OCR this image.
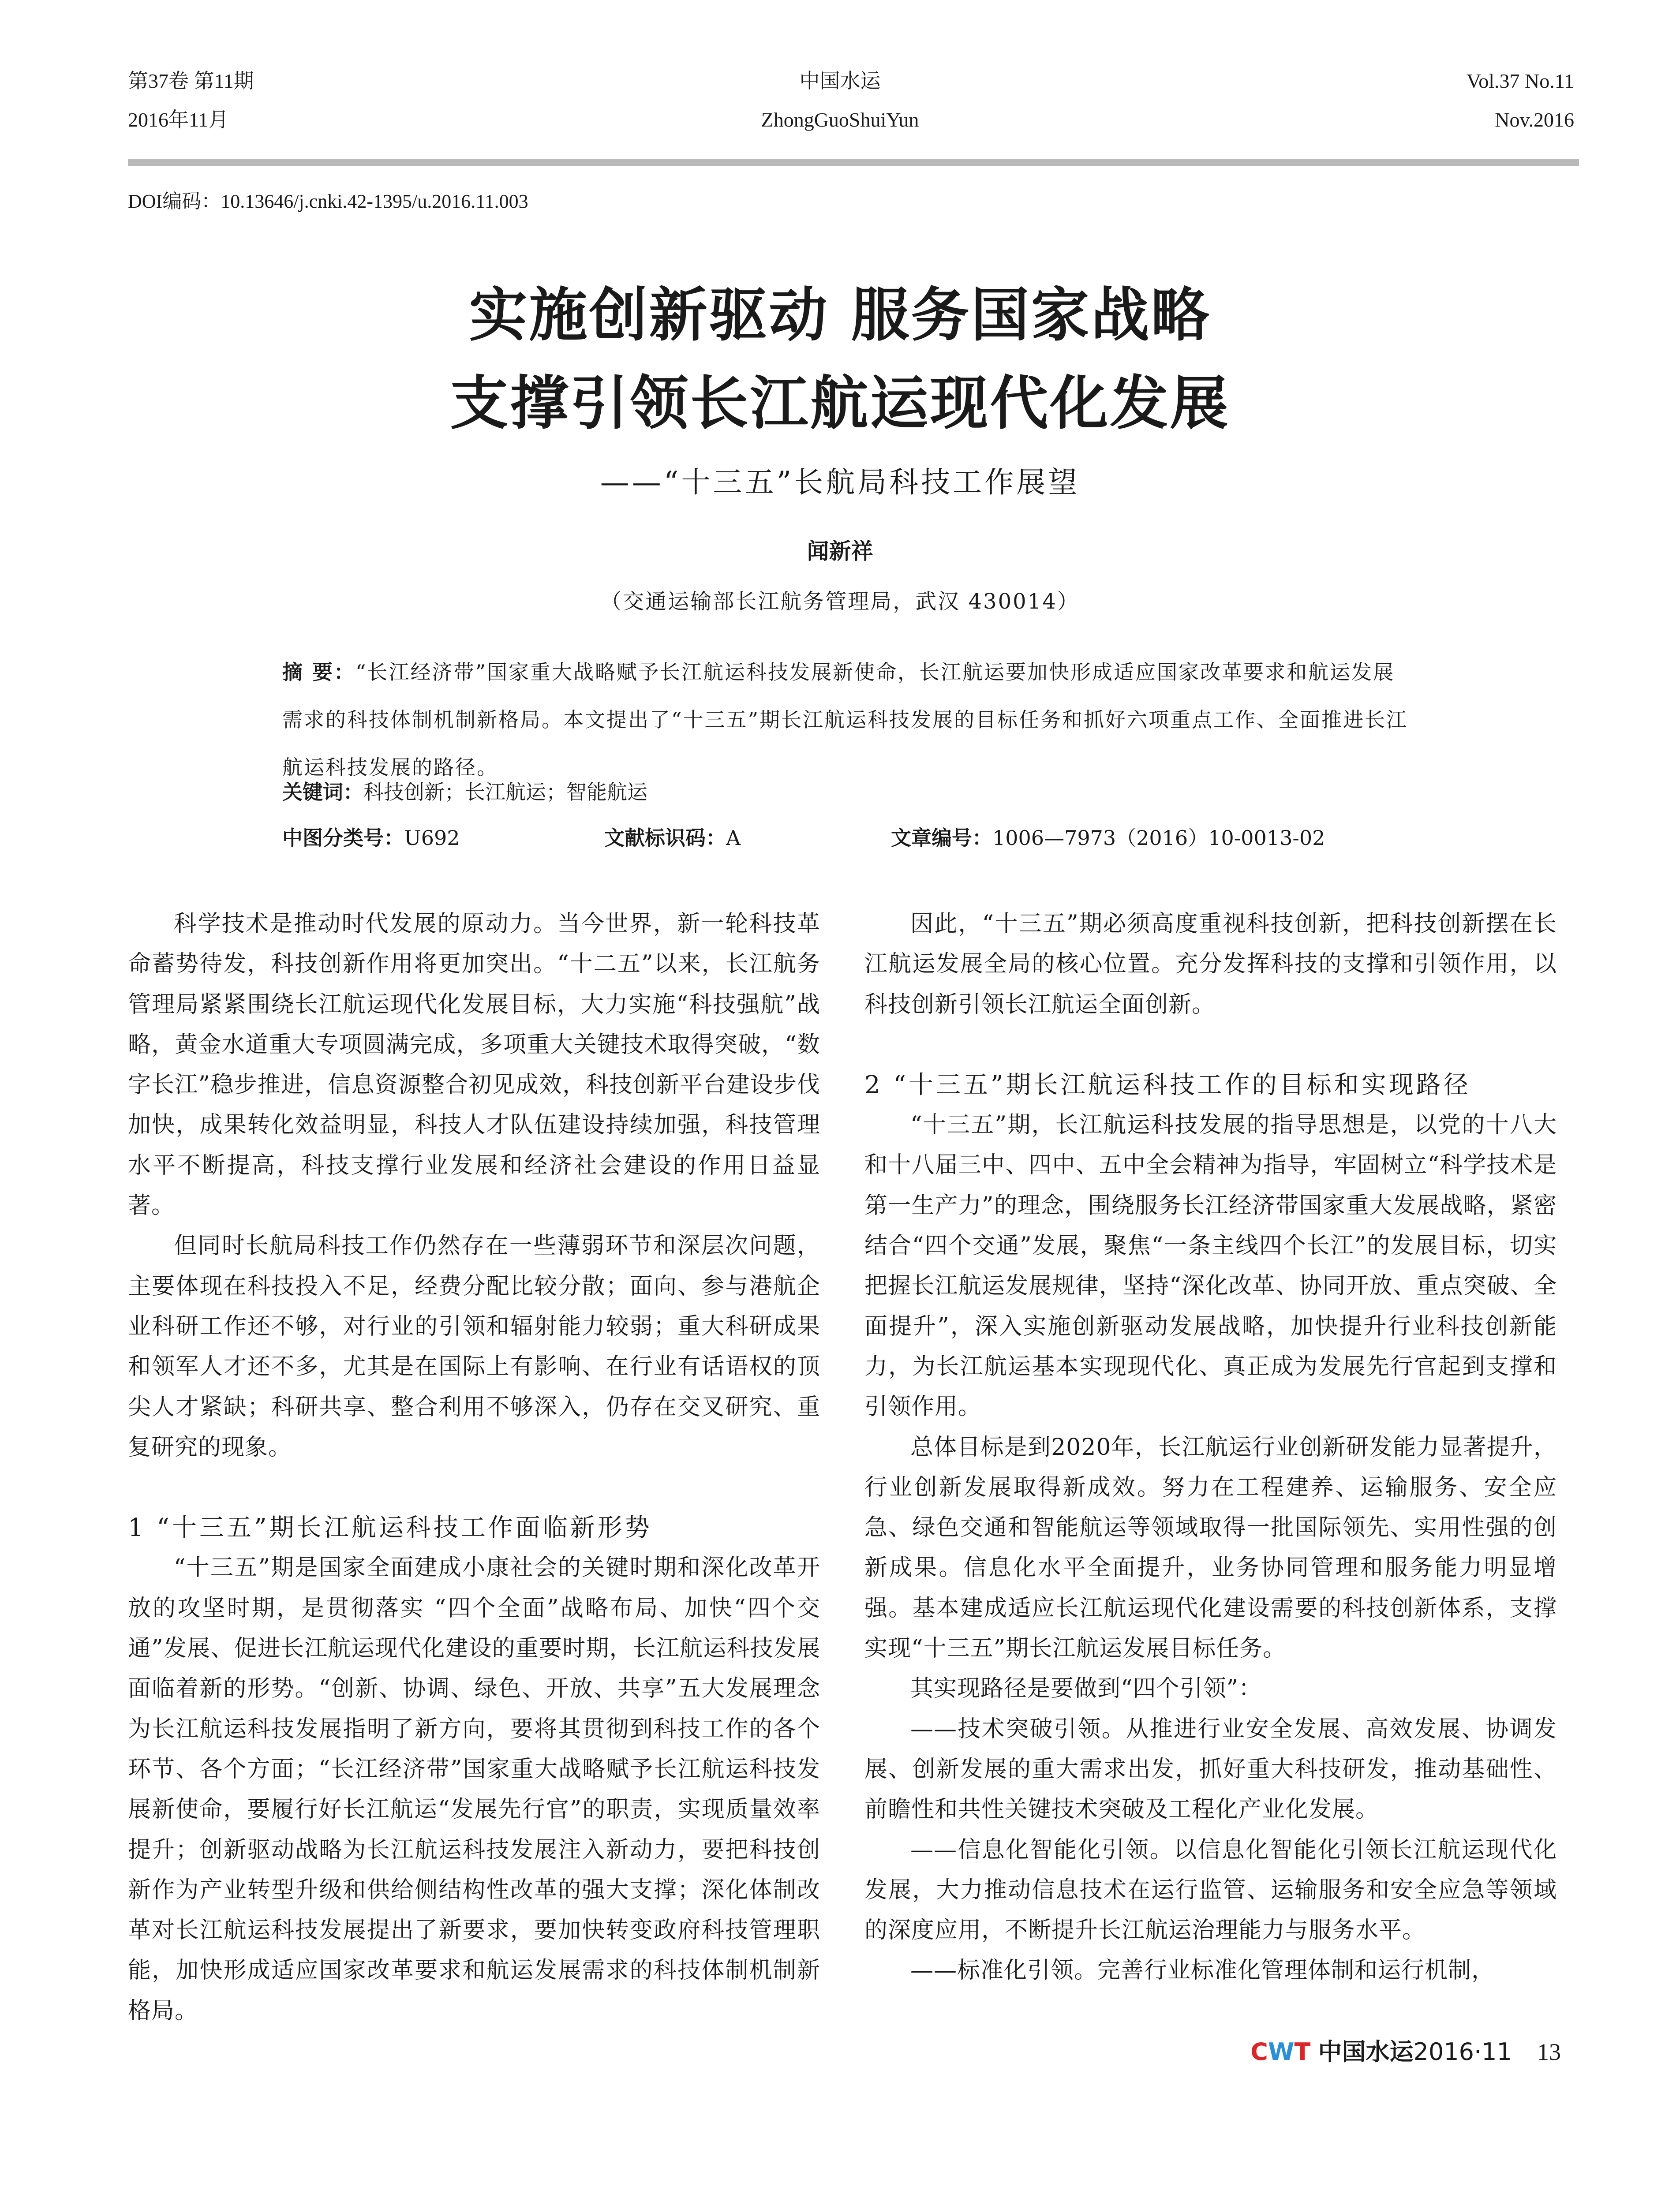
第37卷 第11期
2016年11月
中国水运
ZhongGuoShuiYun
Vol.37 No.11
Nov.2016
DOI编码：10.13646/j.cnki.42-1395/u.2016.11.003
实施创新驱动 服务国家战略
支撑引领长江航运现代化发展
——“十三五”长航局科技工作展望
闻新祥
（交通运输部长江航务管理局，武汉 430014）
摘 要：“长江经济带”国家重大战略赋予长江航运科技发展新使命，长江航运要加快形成适应国家改革要求和航运发展需求的科技体制机制新格局。本文提出了“十三五”期长江航运科技发展的目标任务和抓好六项重点工作、全面推进长江航运科技发展的路径。
关键词：科技创新；长江航运；智能航运
中图分类号：U692	文献标识码：A	文章编号：1006—7973（2016）10-0013-02

科学技术是推动时代发展的原动力。当今世界，新一轮科技革命蓄势待发，科技创新作用将更加突出。“十二五”以来，长江航务管理局紧紧围绕长江航运现代化发展目标，大力实施“科技强航”战略，黄金水道重大专项圆满完成，多项重大关键技术取得突破，“数字长江”稳步推进，信息资源整合初见成效，科技创新平台建设步伐加快，成果转化效益明显，科技人才队伍建设持续加强，科技管理水平不断提高，科技支撑行业发展和经济社会建设的作用日益显著。

但同时长航局科技工作仍然存在一些薄弱环节和深层次问题，主要体现在科技投入不足，经费分配比较分散；面向、参与港航企业科研工作还不够，对行业的引领和辐射能力较弱；重大科研成果和领军人才还不多，尤其是在国际上有影响、在行业有话语权的顶尖人才紧缺；科研共享、整合利用不够深入，仍存在交叉研究、重复研究的现象。

1 “十三五”期长江航运科技工作面临新形势

“十三五”期是国家全面建成小康社会的关键时期和深化改革开放的攻坚时期，是贯彻落实 “四个全面”战略布局、加快“四个交通”发展、促进长江航运现代化建设的重要时期，长江航运科技发展面临着新的形势。“创新、协调、绿色、开放、共享”五大发展理念为长江航运科技发展指明了新方向，要将其贯彻到科技工作的各个环节、各个方面；“长江经济带”国家重大战略赋予长江航运科技发展新使命，要履行好长江航运“发展先行官”的职责，实现质量效率提升；创新驱动战略为长江航运科技发展注入新动力，要把科技创新作为产业转型升级和供给侧结构性改革的强大支撑；深化体制改革对长江航运科技发展提出了新要求，要加快转变政府科技管理职能，加快形成适应国家改革要求和航运发展需求的科技体制机制新格局。

因此，“十三五”期必须高度重视科技创新，把科技创新摆在长江航运发展全局的核心位置。充分发挥科技的支撑和引领作用，以科技创新引领长江航运全面创新。

2 “十三五”期长江航运科技工作的目标和实现路径

“十三五”期，长江航运科技发展的指导思想是，以党的十八大和十八届三中、四中、五中全会精神为指导，牢固树立“科学技术是第一生产力”的理念，围绕服务长江经济带国家重大发展战略，紧密结合“四个交通”发展，聚焦“一条主线四个长江”的发展目标，切实把握长江航运发展规律，坚持“深化改革、协同开放、重点突破、全面提升”，深入实施创新驱动发展战略，加快提升行业科技创新能力，为长江航运基本实现现代化、真正成为发展先行官起到支撑和引领作用。

总体目标是到2020年，长江航运行业创新研发能力显著提升，行业创新发展取得新成效。努力在工程建养、运输服务、安全应急、绿色交通和智能航运等领域取得一批国际领先、实用性强的创新成果。信息化水平全面提升，业务协同管理和服务能力明显增强。基本建成适应长江航运现代化建设需要的科技创新体系，支撑实现“十三五”期长江航运发展目标任务。

其实现路径是要做到“四个引领”：

——技术突破引领。从推进行业安全发展、高效发展、协调发展、创新发展的重大需求出发，抓好重大科技研发，推动基础性、前瞻性和共性关键技术突破及工程化产业化发展。

——信息化智能化引领。以信息化智能化引领长江航运现代化发展，大力推动信息技术在运行监管、运输服务和安全应急等领域的深度应用，不断提升长江航运治理能力与服务水平。

——标准化引领。完善行业标准化管理体制和运行机制，

CWT 中国水运2016·11 13
